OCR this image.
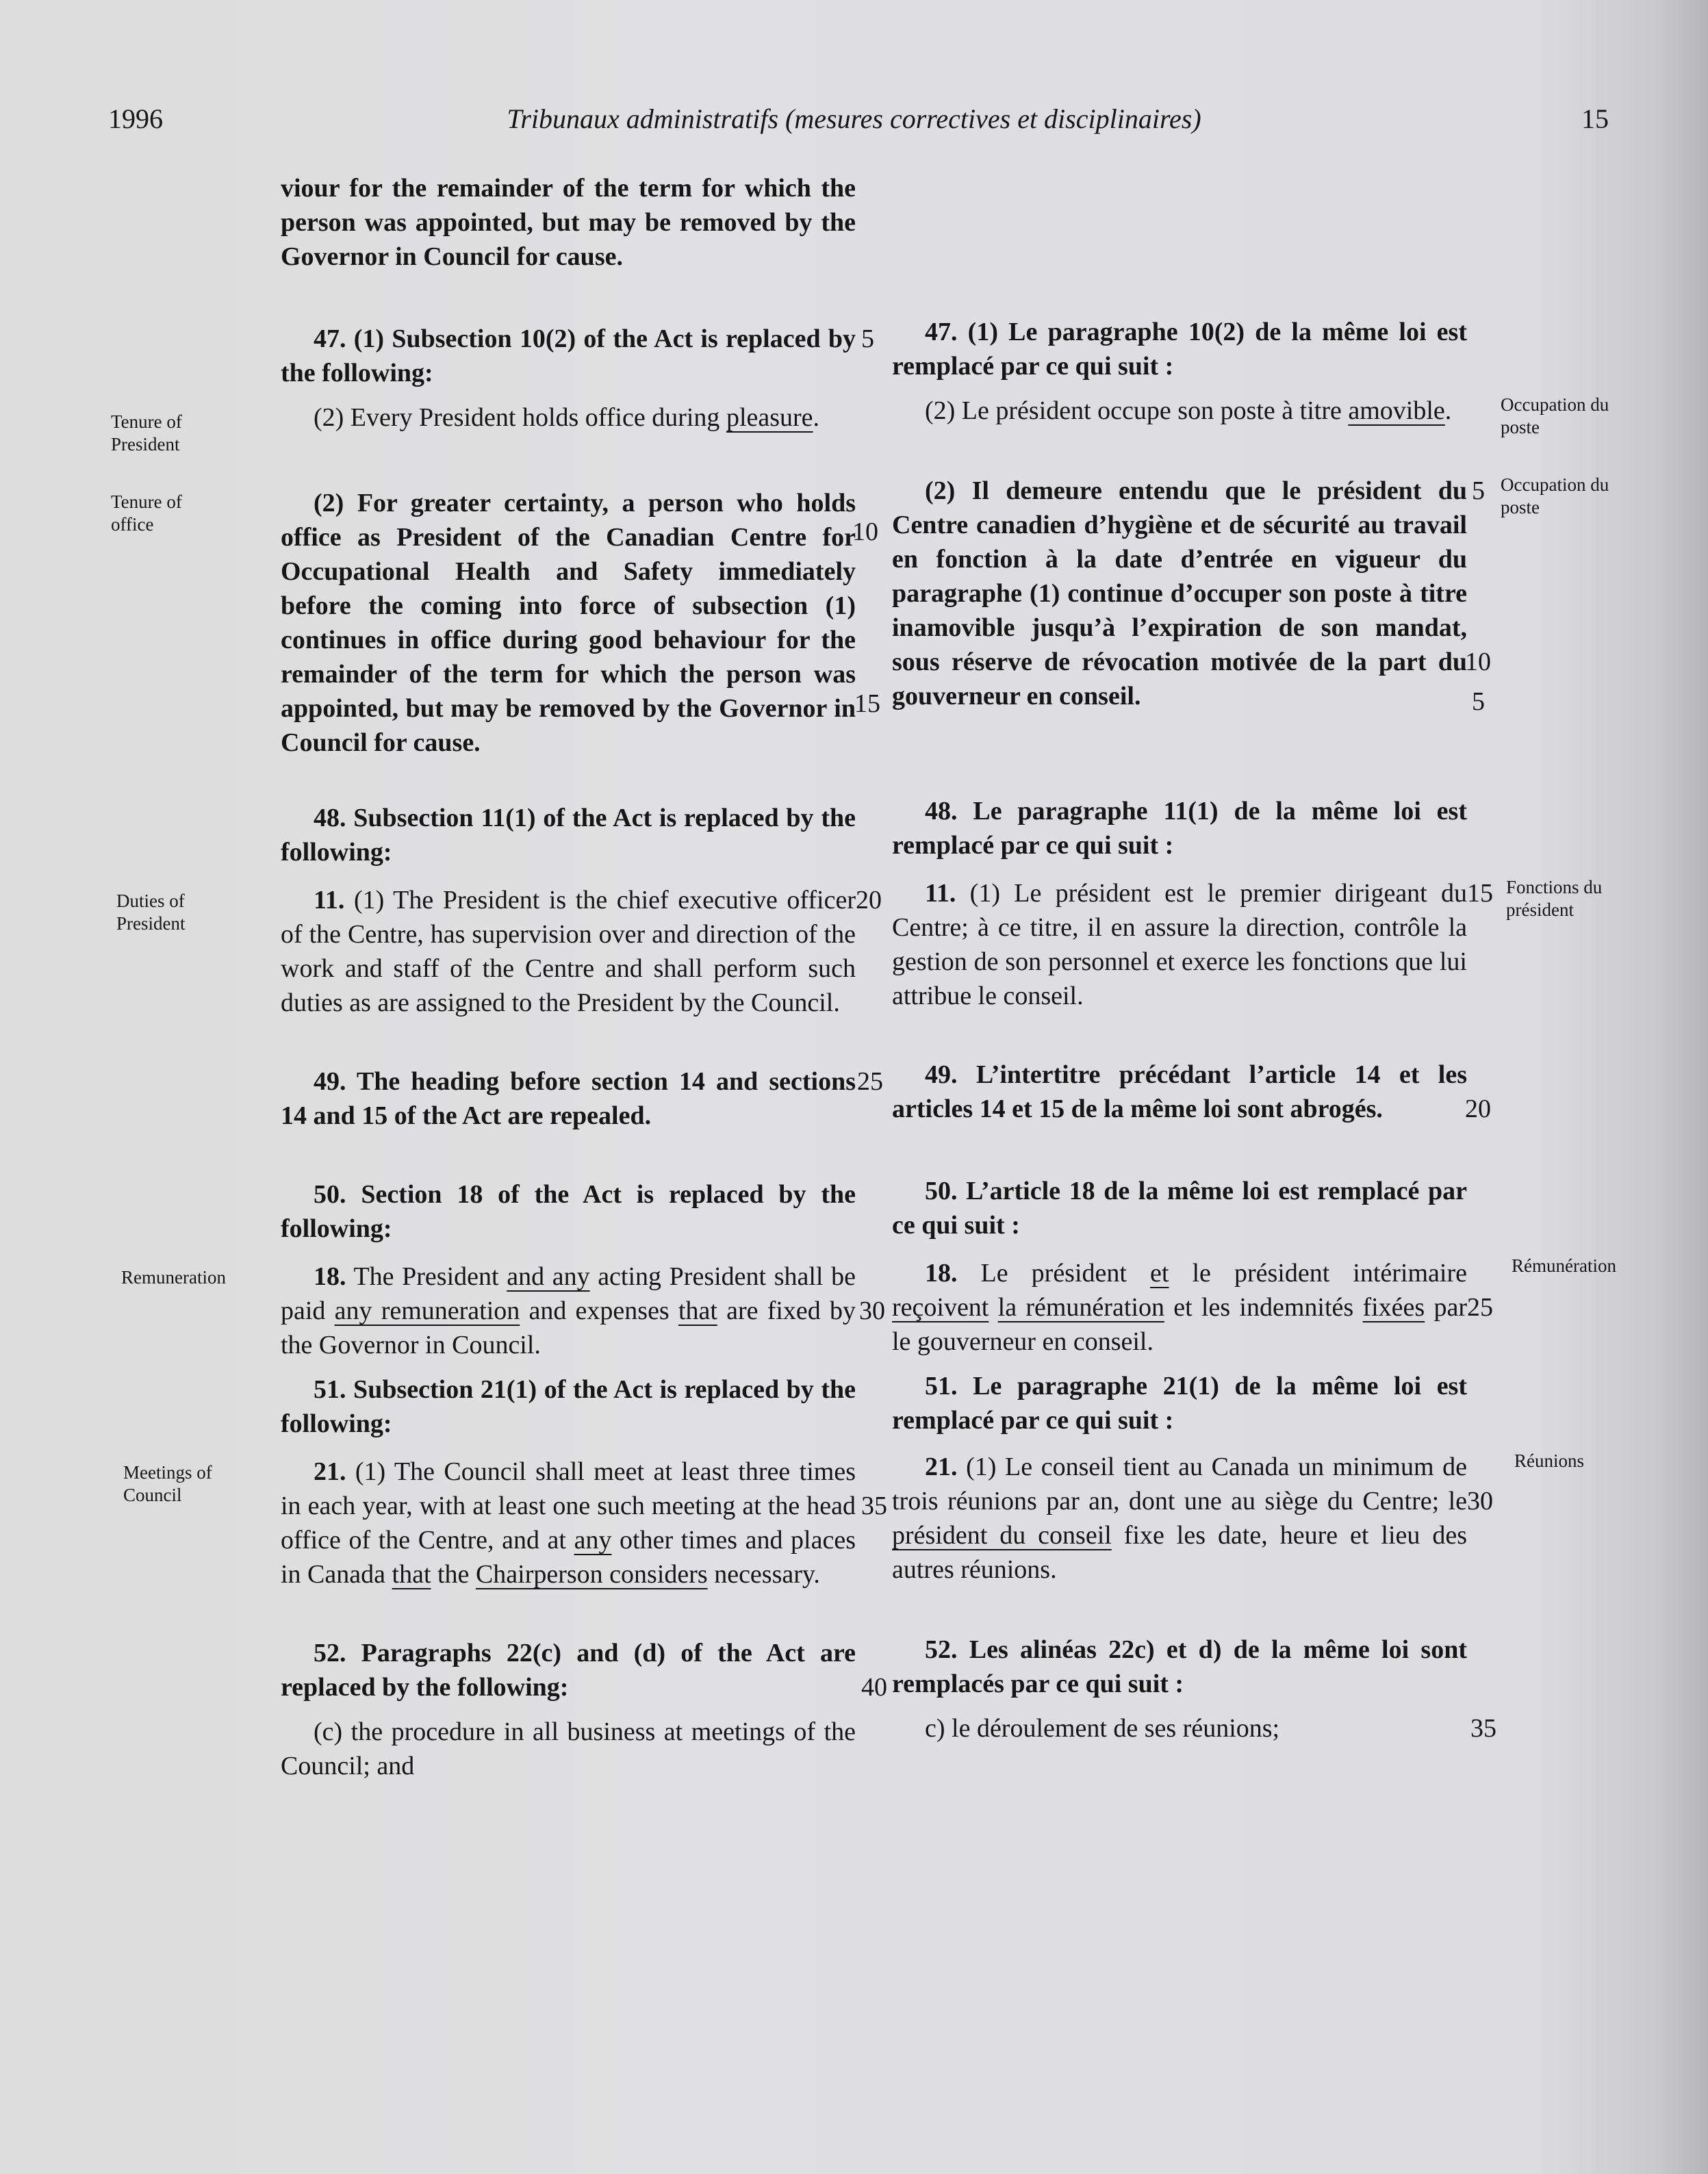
1996	Tribunaux administratifs (mesures correctives et disciplinaires)	15
Tenure of President
Tenure of office
Duties of President
Remuneration
Meetings of Council
Occupation du poste
Occupation du poste
Fonctions du président
Rémunération
Réunions
viour for the remainder of the term for which the person was appointed, but may be removed by the Governor in Council for cause.
47. (1) Subsection 10(2) of the Act is replaced by the following:
(2) Every President holds office during pleasure.
(2) For greater certainty, a person who holds office as President of the Canadian Centre for Occupational Health and Safety immediately before the coming into force of subsection (1) continues in office during good behaviour for the remainder of the term for which the person was appointed, but may be removed by the Governor in Council for cause.
48. Subsection 11(1) of the Act is replaced by the following:
11. (1) The President is the chief executive officer of the Centre, has supervision over and direction of the work and staff of the Centre and shall perform such duties as are assigned to the President by the Council.
49. The heading before section 14 and sections 14 and 15 of the Act are repealed.
50. Section 18 of the Act is replaced by the following:
18. The President and any acting President shall be paid any remuneration and expenses that are fixed by the Governor in Council.
51. Subsection 21(1) of the Act is replaced by the following:
21. (1) The Council shall meet at least three times in each year, with at least one such meeting at the head office of the Centre, and at any other times and places in Canada that the Chairperson considers necessary.
52. Paragraphs 22(c) and (d) of the Act are replaced by the following:
(c) the procedure in all business at meetings of the Council; and
47. (1) Le paragraphe 10(2) de la même loi est remplacé par ce qui suit :
(2) Le président occupe son poste à titre amovible.
(2) Il demeure entendu que le président du Centre canadien d’hygiène et de sécurité au travail en fonction à la date d’entrée en vigueur du paragraphe (1) continue d’occuper son poste à titre inamovible jusqu’à l’expiration de son mandat, sous réserve de révocation motivée de la part du gouverneur en conseil.
48. Le paragraphe 11(1) de la même loi est remplacé par ce qui suit :
11. (1) Le président est le premier dirigeant du Centre; à ce titre, il en assure la direction, contrôle la gestion de son personnel et exerce les fonctions que lui attribue le conseil.
49. L’intertitre précédant l’article 14 et les articles 14 et 15 de la même loi sont abrogés.
50. L’article 18 de la même loi est remplacé par ce qui suit :
18. Le président et le président intérimaire reçoivent la rémunération et les indemnités fixées par le gouverneur en conseil.
51. Le paragraphe 21(1) de la même loi est remplacé par ce qui suit :
21. (1) Le conseil tient au Canada un minimum de trois réunions par an, dont une au siège du Centre; le président du conseil fixe les date, heure et lieu des autres réunions.
52. Les alinéas 22c) et d) de la même loi sont remplacés par ce qui suit :
c) le déroulement de ses réunions;
5
10
15
20
25
30
35
40
5
5
10
15
20
25
30
35
